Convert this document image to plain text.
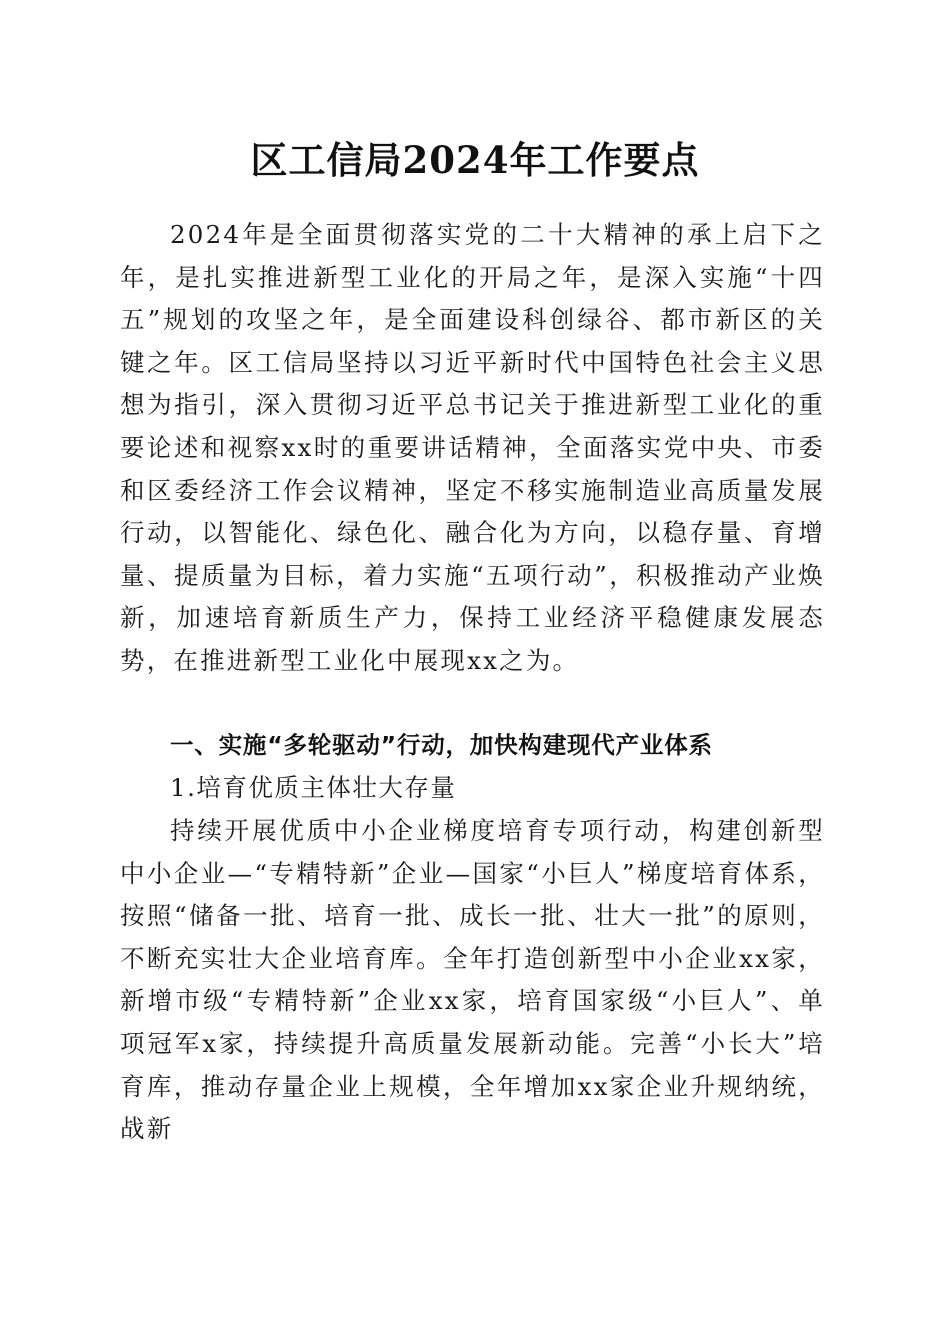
区工信局2024年工作要点

2024年是全面贯彻落实党的二十大精神的承上启下之年，是扎实推进新型工业化的开局之年，是深入实施“十四五”规划的攻坚之年，是全面建设科创绿谷、都市新区的关键之年。区工信局坚持以习近平新时代中国特色社会主义思想为指引，深入贯彻习近平总书记关于推进新型工业化的重要论述和视察xx时的重要讲话精神，全面落实党中央、市委和区委经济工作会议精神，坚定不移实施制造业高质量发展行动，以智能化、绿色化、融合化为方向，以稳存量、育增量、提质量为目标，着力实施“五项行动”，积极推动产业焕新，加速培育新质生产力，保持工业经济平稳健康发展态势，在推进新型工业化中展现xx之为。

一、实施“多轮驱动”行动，加快构建现代产业体系
1.培育优质主体壮大存量

持续开展优质中小企业梯度培育专项行动，构建创新型中小企业—“专精特新”企业—国家“小巨人”梯度培育体系，按照“储备一批、培育一批、成长一批、壮大一批”的原则，不断充实壮大企业培育库。全年打造创新型中小企业xx家，新增市级“专精特新”企业xx家，培育国家级“小巨人”、单项冠军x家，持续提升高质量发展新动能。完善“小长大”培育库，推动存量企业上规模，全年增加xx家企业升规纳统，战新
